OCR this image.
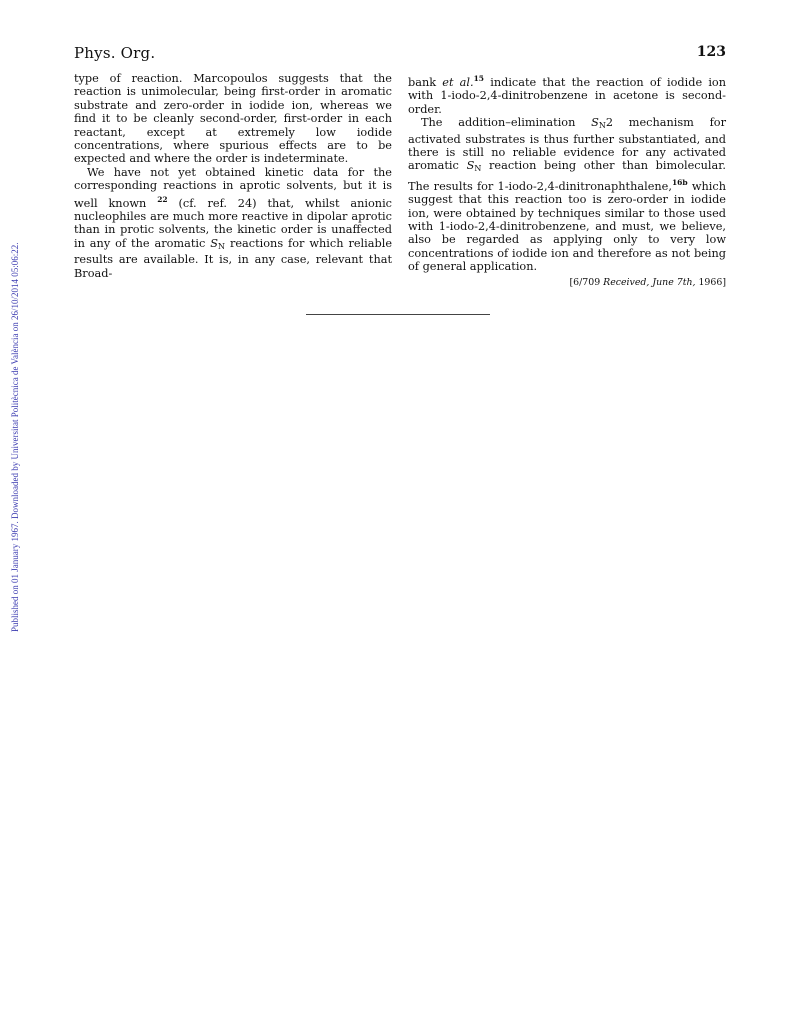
Phys. Org.	123

type of reaction. Marcopoulos suggests that the reaction is unimolecular, being first-order in aromatic substrate and zero-order in iodide ion, whereas we find it to be cleanly second-order, first-order in each reactant, except at extremely low iodide concentrations, where spurious effects are to be expected and where the order is indeterminate.

We have not yet obtained kinetic data for the corresponding reactions in aprotic solvents, but it is well known $^{22}$ (cf. ref. 24) that, whilst anionic nucleophiles are much more reactive in dipolar aprotic than in protic solvents, the kinetic order is unaffected in any of the aromatic $S_N$ reactions for which reliable results are available. It is, in any case, relevant that Broad-

bank et al.$^{15}$ indicate that the reaction of iodide ion with 1-iodo-2,4-dinitrobenzene in acetone is second-order.

The addition–elimination $S_N2$ mechanism for activated substrates is thus further substantiated, and there is still no reliable evidence for any activated aromatic $S_N$ reaction being other than bimolecular. The results for 1-iodo-2,4-dinitronaphthalene,$^{16b}$ which suggest that this reaction too is zero-order in iodide ion, were obtained by techniques similar to those used with 1-iodo-2,4-dinitrobenzene, and must, we believe, also be regarded as applying only to very low concentrations of iodide ion and therefore as not being of general application.

[6/709 Received, June 7th, 1966]

Published on 01 January 1967. Downloaded by Universitat Politècnica de València on 26/10/2014 05:06:22.
